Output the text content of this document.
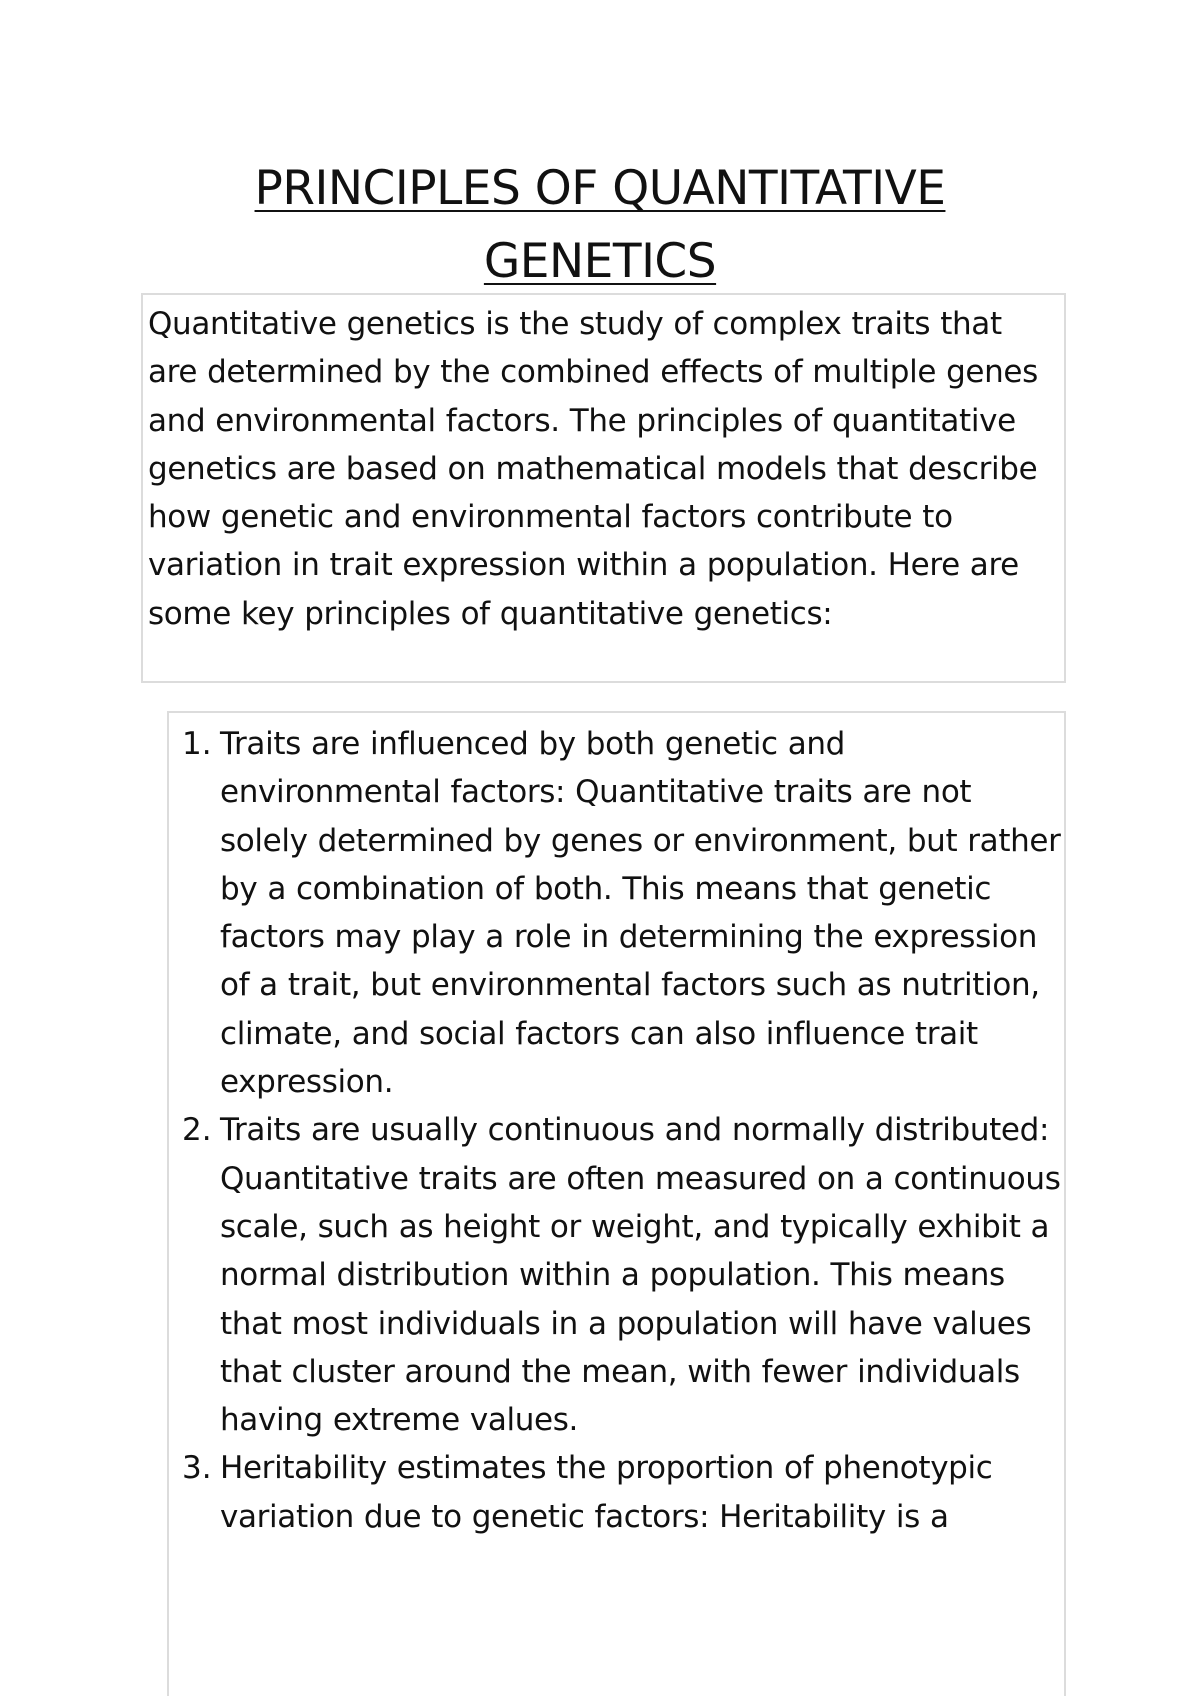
PRINCIPLES OF QUANTITATIVE GENETICS

Quantitative genetics is the study of complex traits that are determined by the combined effects of multiple genes and environmental factors. The principles of quantitative genetics are based on mathematical models that describe how genetic and environmental factors contribute to variation in trait expression within a population. Here are some key principles of quantitative genetics:

1. Traits are influenced by both genetic and environmental factors: Quantitative traits are not solely determined by genes or environment, but rather by a combination of both. This means that genetic factors may play a role in determining the expression of a trait, but environmental factors such as nutrition, climate, and social factors can also influence trait expression.

2. Traits are usually continuous and normally distributed: Quantitative traits are often measured on a continuous scale, such as height or weight, and typically exhibit a normal distribution within a population. This means that most individuals in a population will have values that cluster around the mean, with fewer individuals having extreme values.

3. Heritability estimates the proportion of phenotypic variation due to genetic factors: Heritability is a
